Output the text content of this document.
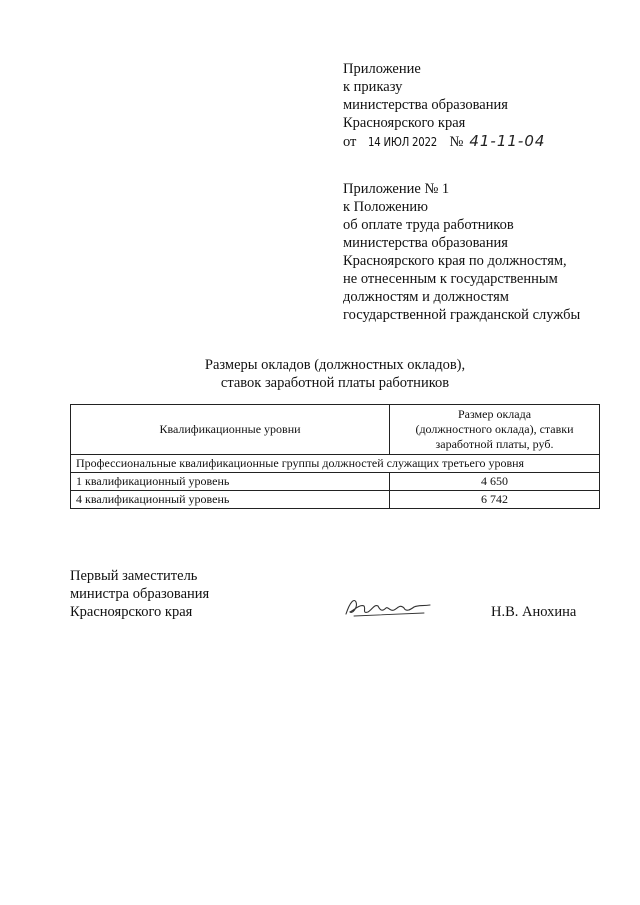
Приложение
к приказу
министерства образования
Красноярского края
от 14 ИЮЛ 2022 № 41-11-04
Приложение № 1
к Положению
об оплате труда работников
министерства образования
Красноярского края по должностям,
не отнесенным к государственным
должностям и должностям
государственной гражданской службы
Размеры окладов (должностных окладов),
ставок заработной платы работников
Квалификационные уровни	Размер оклада
(должностного оклада), ставки
заработной платы, руб.

Профессиональные квалификационные группы должностей служащих третьего уровня	
1 квалификационный уровень	4 650
4 квалификационный уровень	6 742
Первый заместитель
министра образования
Красноярского края	Н.В. Анохина
